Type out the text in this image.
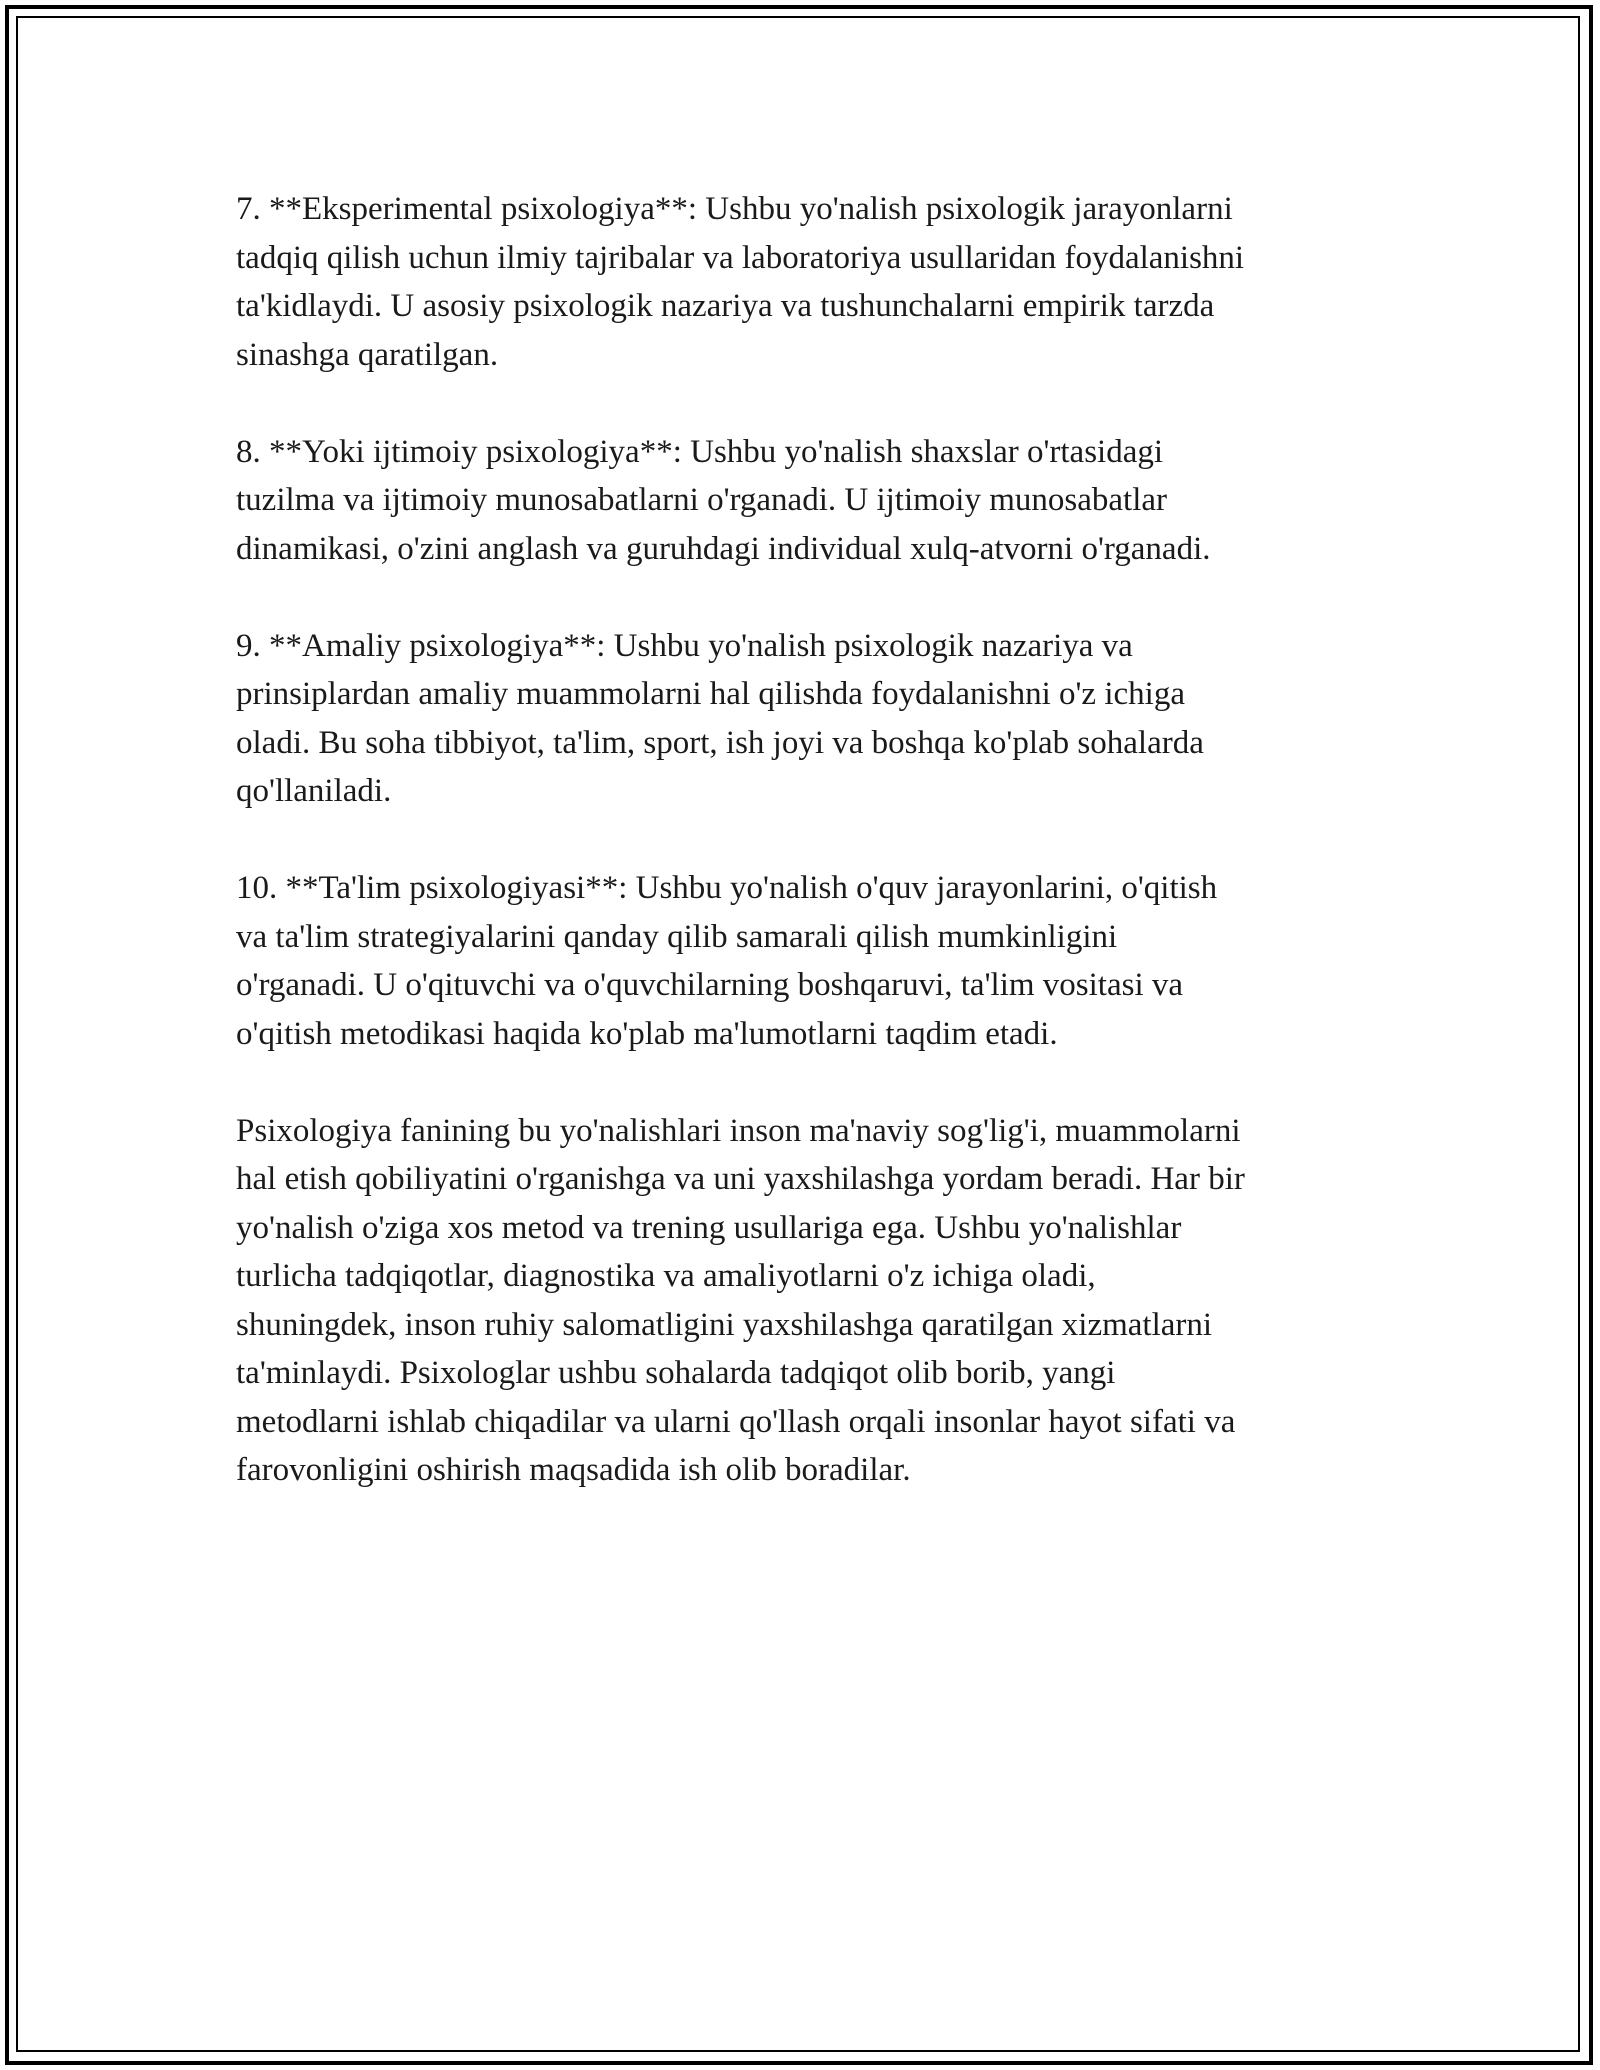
7. **Eksperimental psixologiya**: Ushbu yo'nalish psixologik jarayonlarni
tadqiq qilish uchun ilmiy tajribalar va laboratoriya usullaridan foydalanishni
ta'kidlaydi. U asosiy psixologik nazariya va tushunchalarni empirik tarzda
sinashga qaratilgan.

8. **Yoki ijtimoiy psixologiya**: Ushbu yo'nalish shaxslar o'rtasidagi
tuzilma va ijtimoiy munosabatlarni o'rganadi. U ijtimoiy munosabatlar
dinamikasi, o'zini anglash va guruhdagi individual xulq-atvorni o'rganadi.

9. **Amaliy psixologiya**: Ushbu yo'nalish psixologik nazariya va
prinsiplardan amaliy muammolarni hal qilishda foydalanishni o'z ichiga
oladi. Bu soha tibbiyot, ta'lim, sport, ish joyi va boshqa ko'plab sohalarda
qo'llaniladi.

10. **Ta'lim psixologiyasi**: Ushbu yo'nalish o'quv jarayonlarini, o'qitish
va ta'lim strategiyalarini qanday qilib samarali qilish mumkinligini
o'rganadi. U o'qituvchi va o'quvchilarning boshqaruvi, ta'lim vositasi va
o'qitish metodikasi haqida ko'plab ma'lumotlarni taqdim etadi.

Psixologiya fanining bu yo'nalishlari inson ma'naviy sog'lig'i, muammolarni
hal etish qobiliyatini o'rganishga va uni yaxshilashga yordam beradi. Har bir
yo'nalish o'ziga xos metod va trening usullariga ega. Ushbu yo'nalishlar
turlicha tadqiqotlar, diagnostika va amaliyotlarni o'z ichiga oladi,
shuningdek, inson ruhiy salomatligini yaxshilashga qaratilgan xizmatlarni
ta'minlaydi. Psixologlar ushbu sohalarda tadqiqot olib borib, yangi
metodlarni ishlab chiqadilar va ularni qo'llash orqali insonlar hayot sifati va
farovonligini oshirish maqsadida ish olib boradilar.
